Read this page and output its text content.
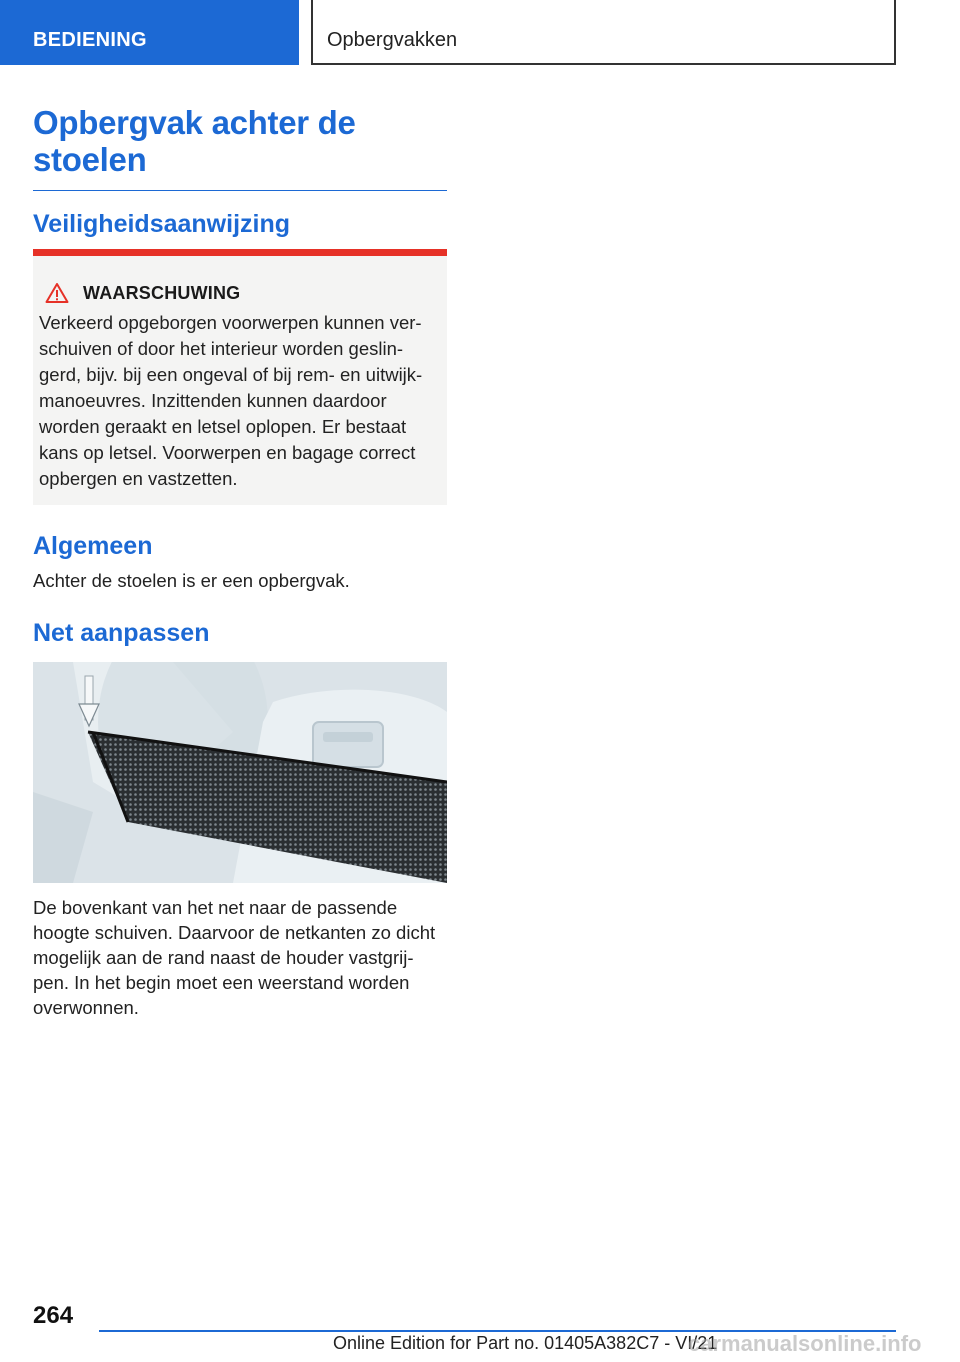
BEDIENING	Opbergvakken
Opbergvak achter de stoelen
Veiligheidsaanwijzing
WAARSCHUWING
Verkeerd opgeborgen voorwerpen kunnen ver-schuiven of door het interieur worden geslin-gerd, bijv. bij een ongeval of bij rem- en uitwijk-manoeuvres. Inzittenden kunnen daardoor worden geraakt en letsel oplopen. Er bestaat kans op letsel. Voorwerpen en bagage correct opbergen en vastzetten.
Algemeen
Achter de stoelen is er een opbergvak.
Net aanpassen
De bovenkant van het net naar de passende hoogte schuiven. Daarvoor de netkanten zo dicht mogelijk aan de rand naast de houder vastgrij-pen. In het begin moet een weerstand worden overwonnen.
264
Online Edition for Part no. 01405A382C7 - VI/21
carmanualsonline.info
